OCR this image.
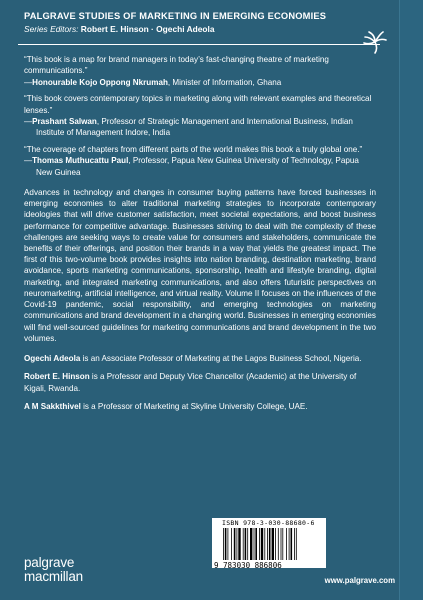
PALGRAVE STUDIES OF MARKETING IN EMERGING ECONOMIES
Series Editors: Robert E. Hinson · Ogechi Adeola
“This book is a map for brand managers in today’s fast-changing theatre of marketing communications.”
—Honourable Kojo Oppong Nkrumah, Minister of Information, Ghana
“This book covers contemporary topics in marketing along with relevant examples and theoretical lenses.”
—Prashant Salwan, Professor of Strategic Management and International Business, Indian Institute of Management Indore, India
“The coverage of chapters from different parts of the world makes this book a truly global one.”
—Thomas Muthucattu Paul, Professor, Papua New Guinea University of Technology, Papua New Guinea
Advances in technology and changes in consumer buying patterns have forced businesses in emerging economies to alter traditional marketing strategies to incorporate contemporary ideologies that will drive customer satisfaction, meet societal expectations, and boost business performance for competitive advantage. Businesses striving to deal with the complexity of these challenges are seeking ways to create value for consumers and stakeholders, communicate the benefits of their offerings, and position their brands in a way that yields the greatest impact. The first of this two-volume book provides insights into nation branding, destination marketing, brand avoidance, sports marketing communications, sponsorship, health and lifestyle branding, digital marketing, and integrated marketing communications, and also offers futuristic perspectives on neuromarketing, artificial intelligence, and virtual reality. Volume II focuses on the influences of the Covid-19 pandemic, social responsibility, and emerging technologies on marketing communications and brand development in a changing world. Businesses in emerging economies will find well-sourced guidelines for marketing communications and brand development in the two volumes.
Ogechi Adeola is an Associate Professor of Marketing at the Lagos Business School, Nigeria.
Robert E. Hinson is a Professor and Deputy Vice Chancellor (Academic) at the University of Kigali, Rwanda.
A M Sakkthivel is a Professor of Marketing at Skyline University College, UAE.
ISBN 978-3-030-88680-6
9 783030 886806
palgrave
macmillan	www.palgrave.com
